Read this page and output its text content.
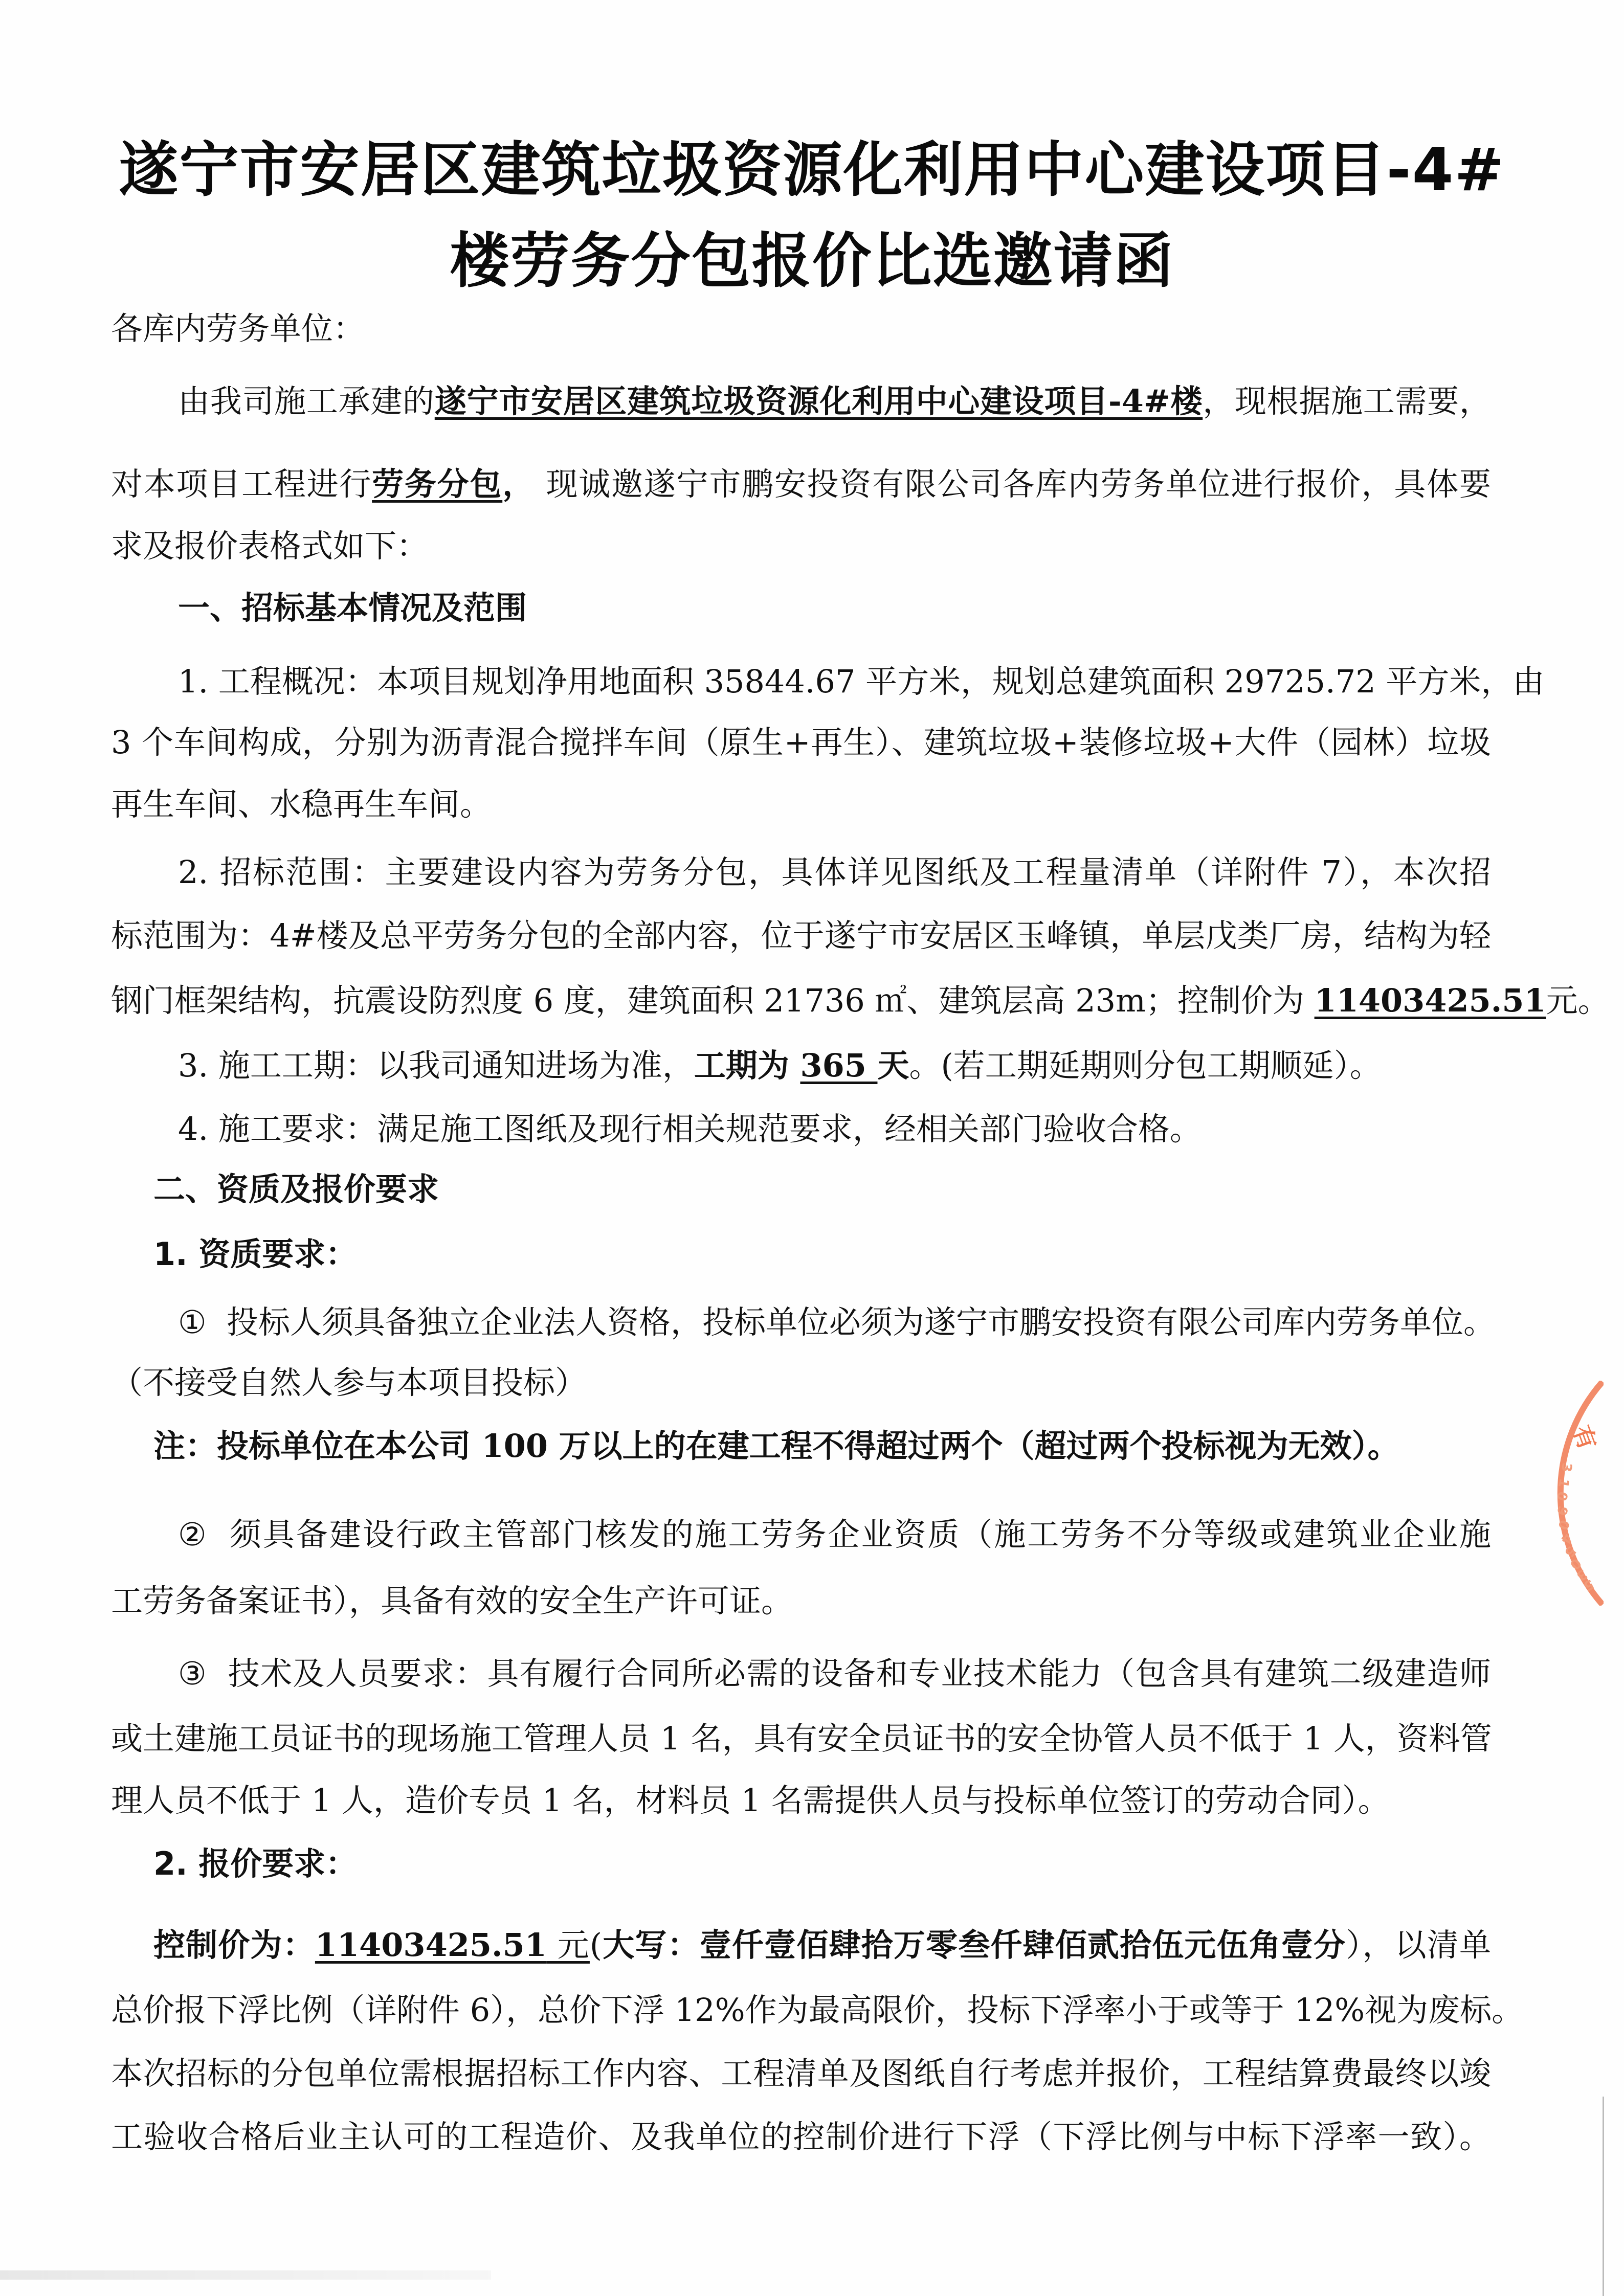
遂宁市安居区建筑垃圾资源化利用中心建设项目-4#
楼劳务分包报价比选邀请函
各库内劳务单位：
由我司施工承建的遂宁市安居区建筑垃圾资源化利用中心建设项目-4#楼，现根据施工需要，
对本项目工程进行劳务分包， 现诚邀遂宁市鹏安投资有限公司各库内劳务单位进行报价，具体要
求及报价表格式如下：
一、招标基本情况及范围
1. 工程概况：本项目规划净用地面积 35844.67 平方米，规划总建筑面积 29725.72 平方米，由
3 个车间构成，分别为沥青混合搅拌车间（原生+再生）、建筑垃圾+装修垃圾+大件（园林）垃圾
再生车间、水稳再生车间。
2. 招标范围：主要建设内容为劳务分包，具体详见图纸及工程量清单（详附件 7），本次招
标范围为：4#楼及总平劳务分包的全部内容，位于遂宁市安居区玉峰镇，单层戊类厂房，结构为轻
钢门框架结构，抗震设防烈度 6 度，建筑面积 21736 ㎡、建筑层高 23m；控制价为 11403425.51元。
3. 施工工期：以我司通知进场为准，工期为 365 天。(若工期延期则分包工期顺延）。
4. 施工要求：满足施工图纸及现行相关规范要求，经相关部门验收合格。
二、资质及报价要求
1. 资质要求：
① 投标人须具备独立企业法人资格，投标单位必须为遂宁市鹏安投资有限公司库内劳务单位。
（不接受自然人参与本项目投标）
注：投标单位在本公司 100 万以上的在建工程不得超过两个（超过两个投标视为无效）。
② 须具备建设行政主管部门核发的施工劳务企业资质（施工劳务不分等级或建筑业企业施
工劳务备案证书），具备有效的安全生产许可证。
③ 技术及人员要求：具有履行合同所必需的设备和专业技术能力（包含具有建筑二级建造师
或土建施工员证书的现场施工管理人员 1 名，具有安全员证书的安全协管人员不低于 1 人，资料管
理人员不低于 1 人，造价专员 1 名，材料员 1 名需提供人员与投标单位签订的劳动合同）。
2. 报价要求：
控制价为：11403425.51 元(大写：壹仟壹佰肆拾万零叁仟肆佰贰拾伍元伍角壹分），以清单
总价报下浮比例（详附件 6），总价下浮 12%作为最高限价，投标下浮率小于或等于 12%视为废标。
本次招标的分包单位需根据招标工作内容、工程清单及图纸自行考虑并报价，工程结算费最终以竣
工验收合格后业主认可的工程造价、及我单位的控制价进行下浮（下浮比例与中标下浮率一致）。
有
3
1
0
9
0
4
5
0
3
5
